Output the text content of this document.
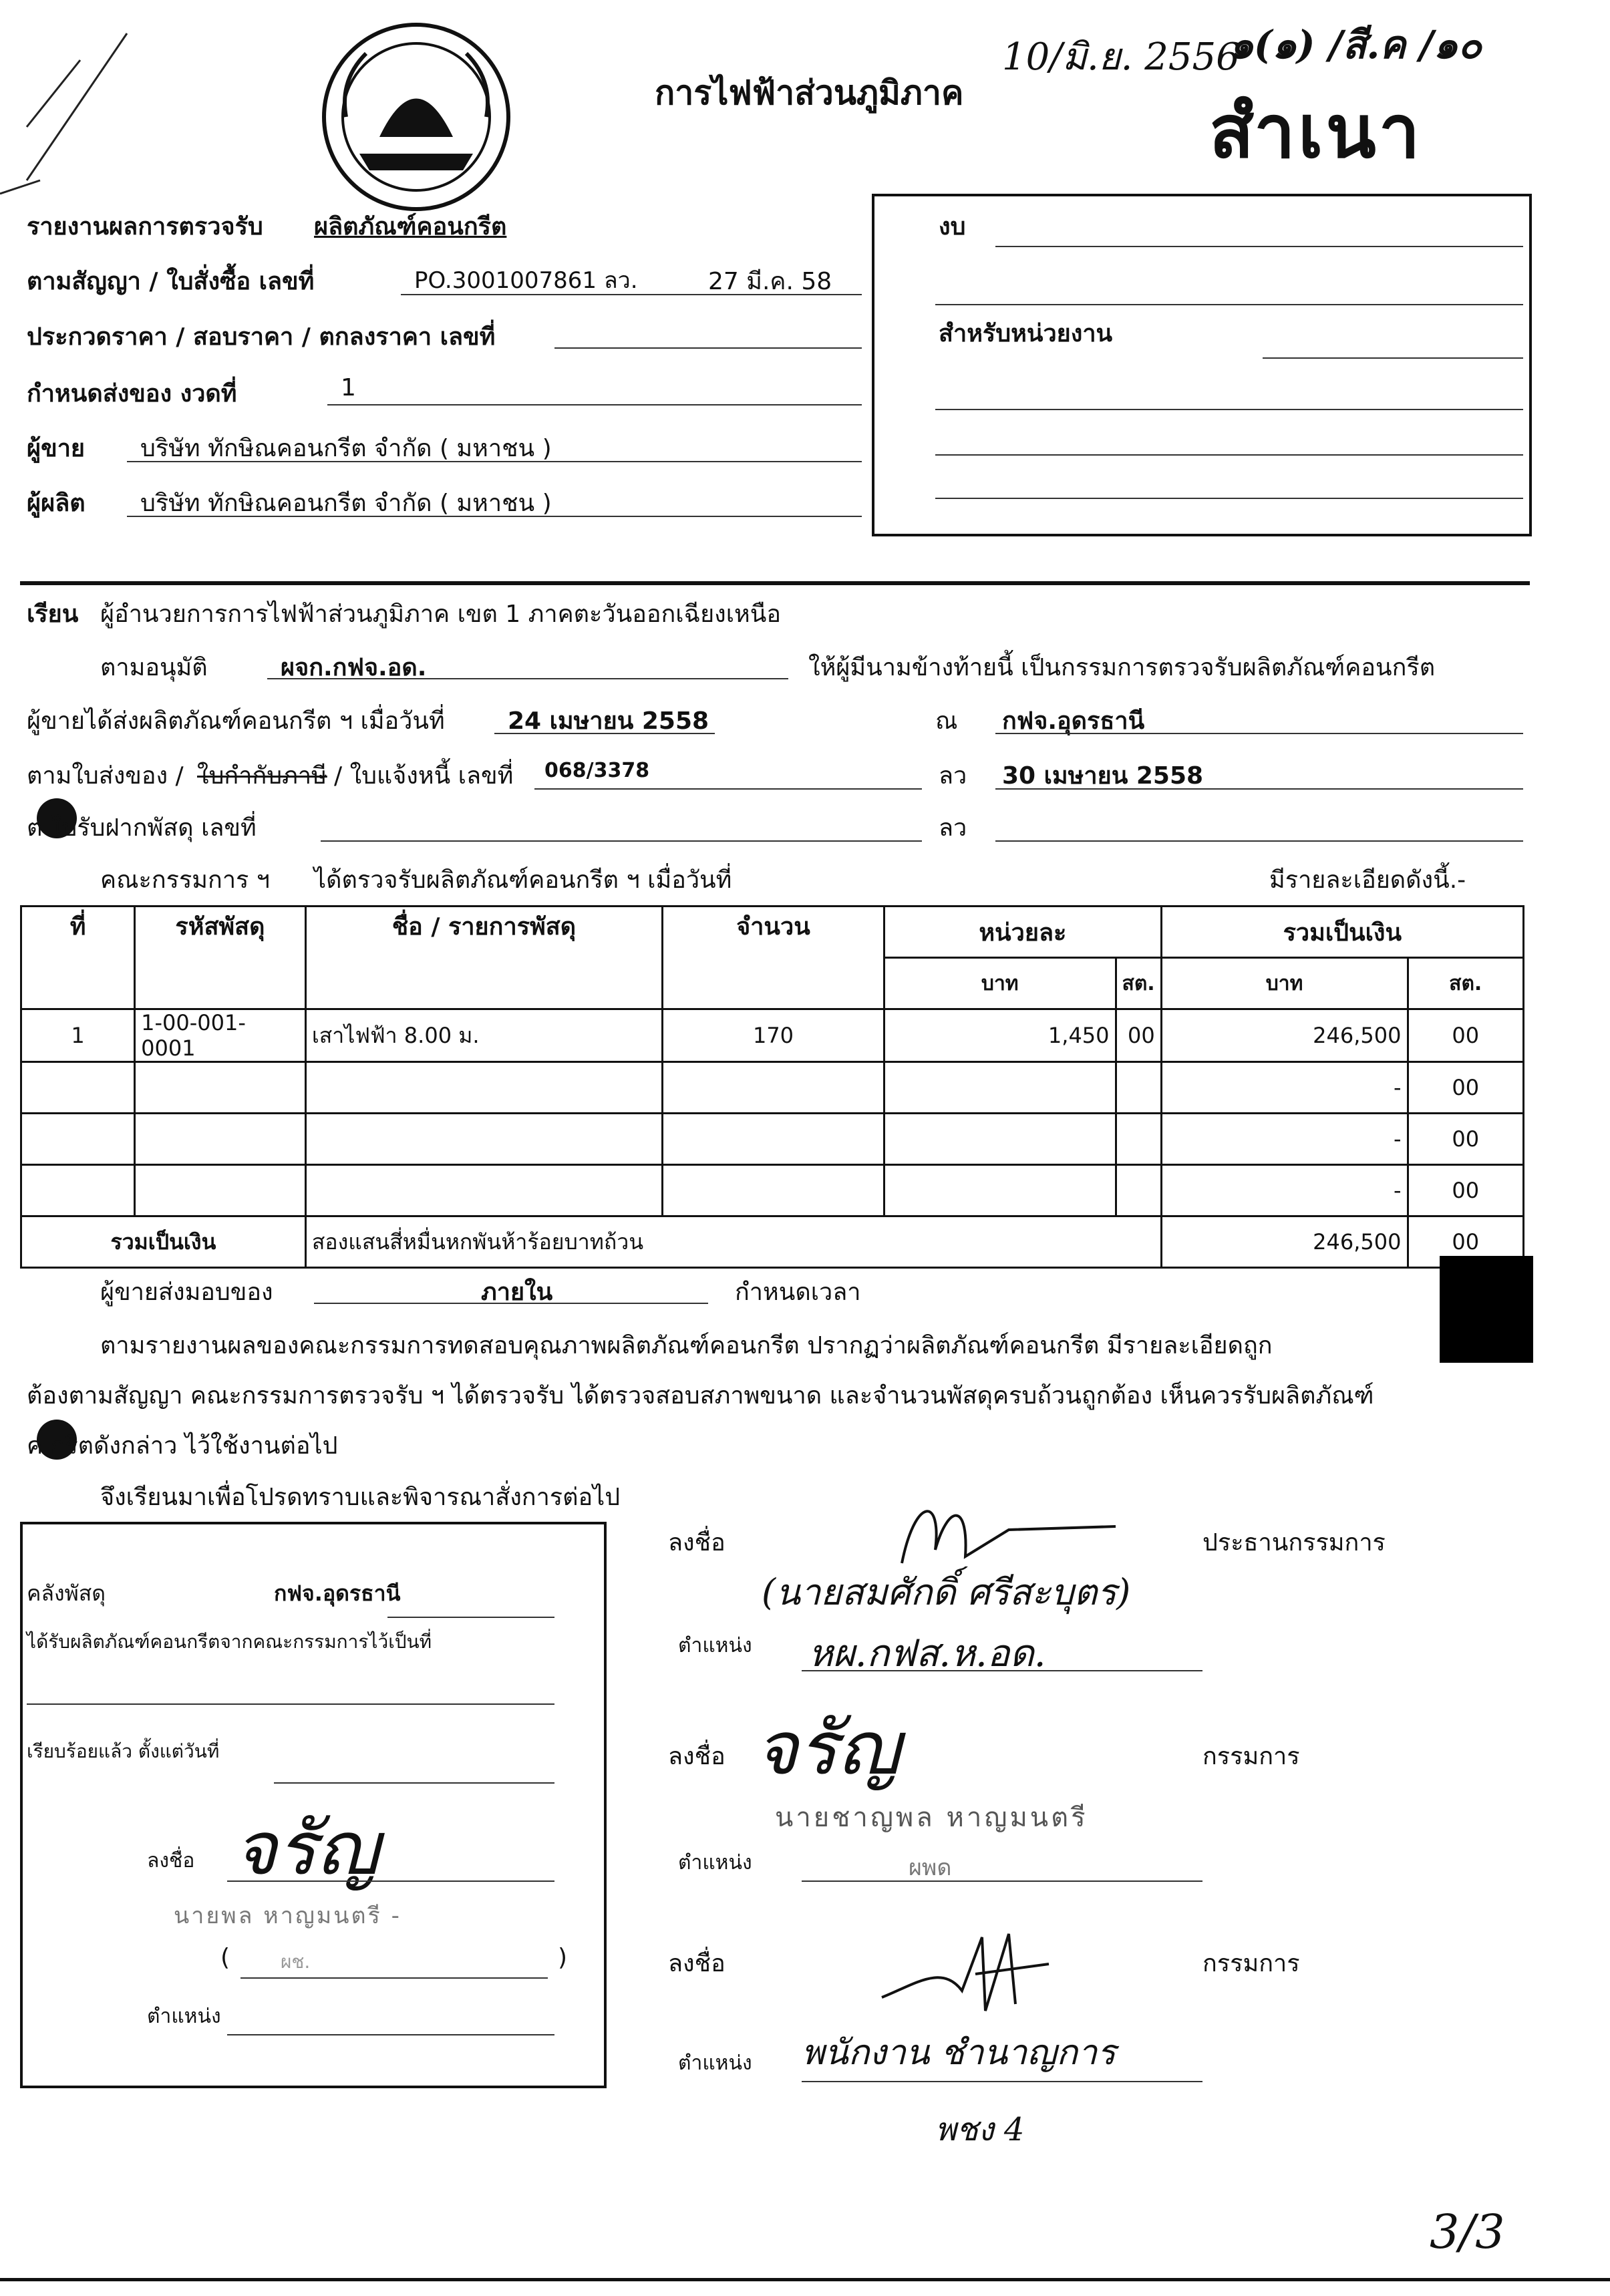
การไฟฟ้าส่วนภูมิภาค
10/มิ.ย. 2556
๑(๑) /สี.ค /๑๐
สำเนา
รายงานผลการตรวจรับ ผลิตภัณฑ์คอนกรีต
ตามสัญญา / ใบสั่งซื้อ เลขที่	PO.3001007861 ลว.	27 มี.ค. 58
ประกวดราคา / สอบราคา / ตกลงราคา เลขที่
กำหนดส่งของ งวดที่	1
ผู้ขาย บริษัท ทักษิณคอนกรีต จำกัด ( มหาชน )
ผู้ผลิต บริษัท ทักษิณคอนกรีต จำกัด ( มหาชน )
งบ
สำหรับหน่วยงาน
เรียน ผู้อำนวยการการไฟฟ้าส่วนภูมิภาค เขต 1 ภาคตะวันออกเฉียงเหนือ
ตามอนุมัติ	ผจก.กฟจ.อด.	ให้ผู้มีนามข้างท้ายนี้ เป็นกรรมการตรวจรับผลิตภัณฑ์คอนกรีต
ผู้ขายได้ส่งผลิตภัณฑ์คอนกรีต ฯ เมื่อวันที่	24 เมษายน 2558	ณ กฟจ.อุดรธานี
ตามใบส่งของ / ใบกำกับภาษี / ใบแจ้งหนี้ เลขที่ 068/3378	ลว 30 เมษายน 2558
ต ใบรับฝากพัสดุ เลขที่	ลว
คณะกรรมการ ฯ ได้ตรวจรับผลิตภัณฑ์คอนกรีต ฯ เมื่อวันที่	มีรายละเอียดดังนี้.-
ที่	รหัสพัสดุ	ชื่อ / รายการพัสดุ	จำนวน	หน่วยละ		รวมเป็นเงิน	
				บาท	สต.	บาท	สต.
1	1-00-001-0001	เสาไฟฟ้า 8.00 ม.	170	1,450	00	246,500	00
						-	00
						-	00
						-	00
รวมเป็นเงิน		สองแสนสี่หมื่นหกพันห้าร้อยบาทถ้วน				246,500	00
ผู้ขายส่งมอบของ	ภายใน	กำหนดเวลา
ตามรายงานผลของคณะกรรมการทดสอบคุณภาพผลิตภัณฑ์คอนกรีต ปรากฏว่าผลิตภัณฑ์คอนกรีต มีรายละเอียดถูก
ต้องตามสัญญา คณะกรรมการตรวจรับ ฯ ได้ตรวจรับ ได้ตรวจสอบสภาพขนาด และจำนวนพัสดุครบถ้วนถูกต้อง เห็นควรรับผลิตภัณฑ์
ค กรีตดังกล่าว ไว้ใช้งานต่อไป
จึงเรียนมาเพื่อโปรดทราบและพิจารณาสั่งการต่อไป
คลังพัสดุ	กฟจ.อุดรธานี
ได้รับผลิตภัณฑ์คอนกรีตจากคณะกรรมการไว้เป็นที่
เรียบร้อยแล้ว ตั้งแต่วันที่
ลงชื่อ จรัญ
นายพล หาญมนตรี -
(	ผช.	)
ตำแหน่ง
ลงชื่อ	ประธานกรรมการ
(นายสมศักดิ์ ศรีสะบุตร)
ตำแหน่ง หผ.กฟส.ห.อด.
ลงชื่อ จรัญ	กรรมการ
นายชาญพล หาญมนตรี
ตำแหน่ง	ผพด
ลงชื่อ	กรรมการ
ตำแหน่ง พนักงาน ชำนาญการ
พชง 4
3/3
